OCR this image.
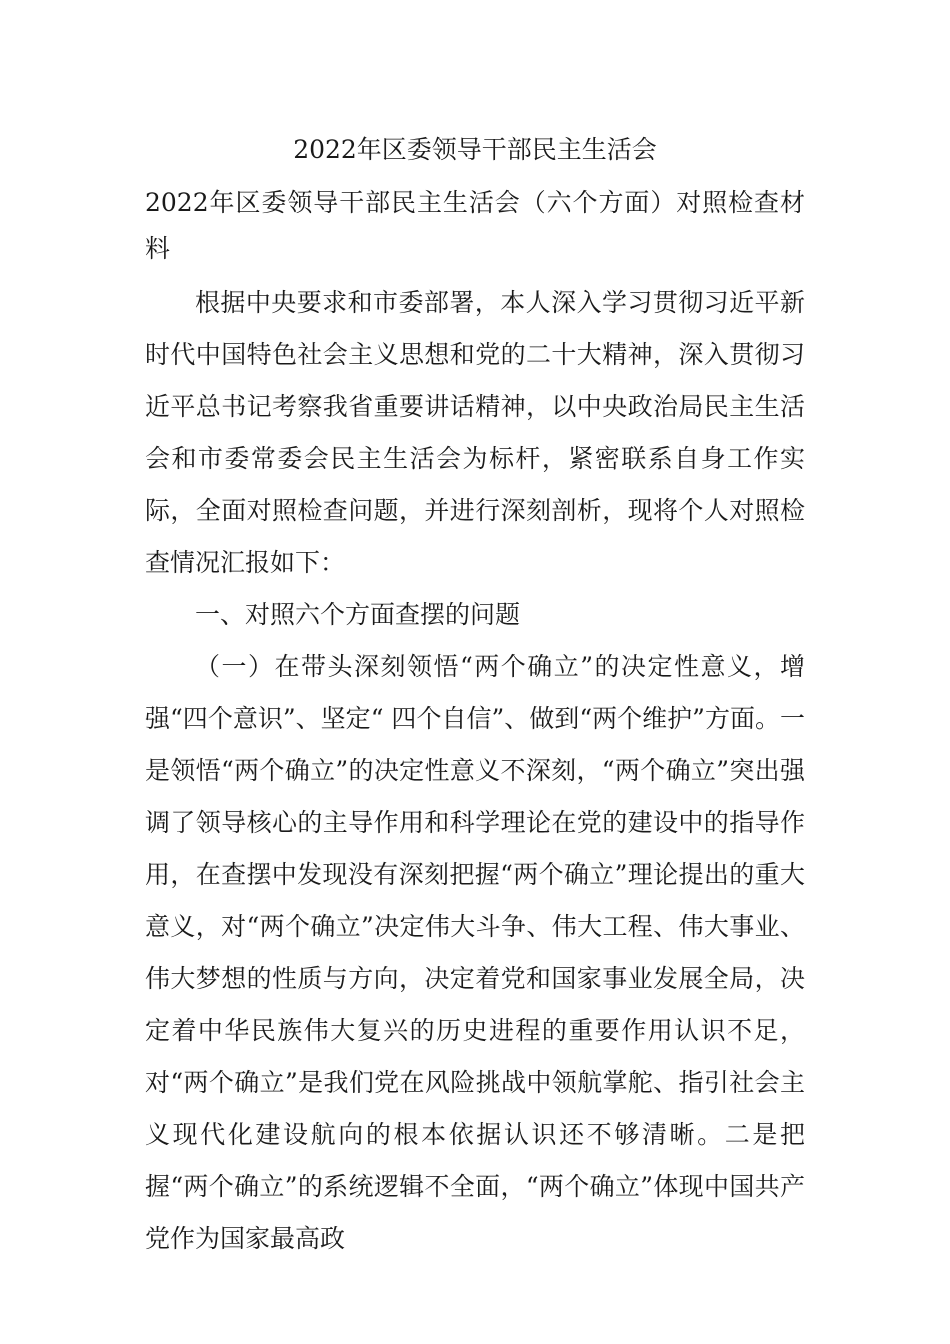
2022年区委领导干部民主生活会
2022年区委领导干部民主生活会（六个方面）对照检查材料

根据中央要求和市委部署，本人深入学习贯彻习近平新时代中国特色社会主义思想和党的二十大精神，深入贯彻习近平总书记考察我省重要讲话精神，以中央政治局民主生活会和市委常委会民主生活会为标杆，紧密联系自身工作实际，全面对照检查问题，并进行深刻剖析，现将个人对照检查情况汇报如下：

一、对照六个方面查摆的问题

（一）在带头深刻领悟“两个确立”的决定性意义，增强“四个意识”、坚定“ 四个自信”、做到“两个维护”方面。一是领悟“两个确立”的决定性意义不深刻，“两个确立”突出强调了领导核心的主导作用和科学理论在党的建设中的指导作用，在查摆中发现没有深刻把握“两个确立”理论提出的重大意义，对“两个确立”决定伟大斗争、伟大工程、伟大事业、伟大梦想的性质与方向，决定着党和国家事业发展全局，决定着中华民族伟大复兴的历史进程的重要作用认识不足，对“两个确立”是我们党在风险挑战中领航掌舵、指引社会主义现代化建设航向的根本依据认识还不够清晰。二是把握“两个确立”的系统逻辑不全面，“两个确立”体现中国共产党作为国家最高政
